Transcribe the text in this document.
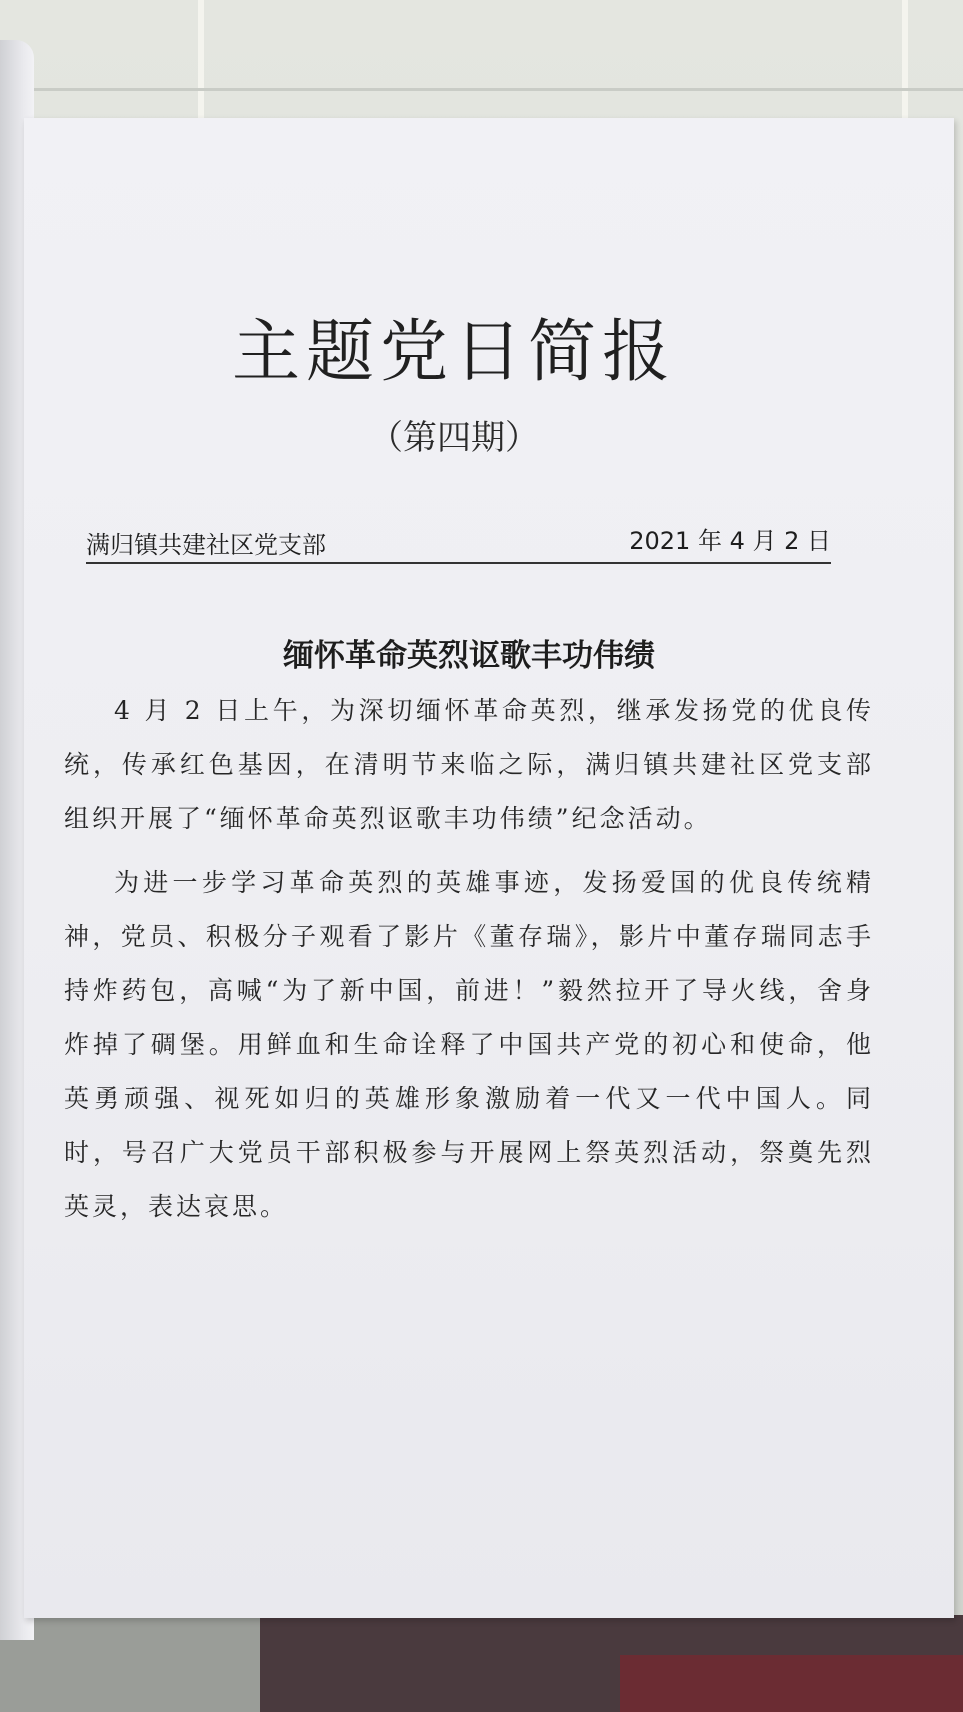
主题党日简报
（第四期）
满归镇共建社区党支部	2021 年 4 月 2 日
缅怀革命英烈讴歌丰功伟绩

4 月 2 日上午，为深切缅怀革命英烈，继承发扬党的优良传统，传承红色基因，在清明节来临之际，满归镇共建社区党支部组织开展了“缅怀革命英烈讴歌丰功伟绩”纪念活动。

为进一步学习革命英烈的英雄事迹，发扬爱国的优良传统精神，党员、积极分子观看了影片《董存瑞》，影片中董存瑞同志手持炸药包，高喊“为了新中国，前进！”毅然拉开了导火线，舍身炸掉了碉堡。用鲜血和生命诠释了中国共产党的初心和使命，他英勇顽强、视死如归的英雄形象激励着一代又一代中国人。同时，号召广大党员干部积极参与开展网上祭英烈活动，祭奠先烈英灵，表达哀思。
